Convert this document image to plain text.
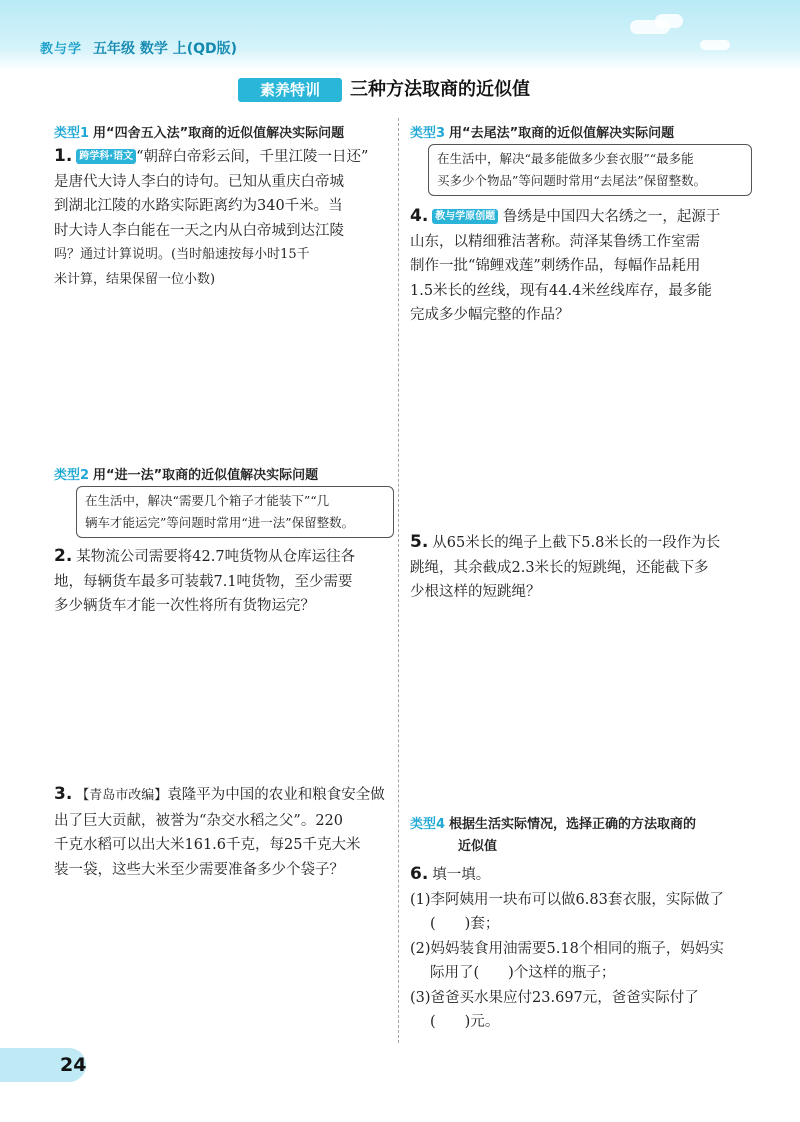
教与学 五年级 数学 上(QD版)
素养特训	三种方法取商的近似值
类型1 用“四舍五入法”取商的近似值解决实际问题
1. 跨学科·语文 “朝辞白帝彩云间，千里江陵一日还”
是唐代大诗人李白的诗句。已知从重庆白帝城
到湖北江陵的水路实际距离约为340千米。当
时大诗人李白能在一天之内从白帝城到达江陵
吗？通过计算说明。(当时船速按每小时15千
米计算，结果保留一位小数)
类型2 用“进一法”取商的近似值解决实际问题
在生活中，解决“需要几个箱子才能装下”“几
辆车才能运完”等问题时常用“进一法”保留整数。
2. 某物流公司需要将42.7吨货物从仓库运往各
地，每辆货车最多可装载7.1吨货物，至少需要
多少辆货车才能一次性将所有货物运完？
3. 【青岛市改编】袁隆平为中国的农业和粮食安全做
出了巨大贡献，被誉为“杂交水稻之父”。220
千克水稻可以出大米161.6千克，每25千克大米
装一袋，这些大米至少需要准备多少个袋子？
类型3 用“去尾法”取商的近似值解决实际问题
在生活中，解决“最多能做多少套衣服”“最多能
买多少个物品”等问题时常用“去尾法”保留整数。
4. 教与学原创题 鲁绣是中国四大名绣之一，起源于
山东，以精细雅洁著称。菏泽某鲁绣工作室需
制作一批“锦鲤戏莲”刺绣作品，每幅作品耗用
1.5米长的丝线，现有44.4米丝线库存，最多能
完成多少幅完整的作品？
5. 从65米长的绳子上截下5.8米长的一段作为长
跳绳，其余截成2.3米长的短跳绳，还能截下多
少根这样的短跳绳？
类型4 根据生活实际情况，选择正确的方法取商的
近似值
6. 填一填。
(1)李阿姨用一块布可以做6.83套衣服，实际做了
(　　)套；
(2)妈妈装食用油需要5.18个相同的瓶子，妈妈实
际用了(　　)个这样的瓶子；
(3)爸爸买水果应付23.697元，爸爸实际付了
(　　)元。
24
